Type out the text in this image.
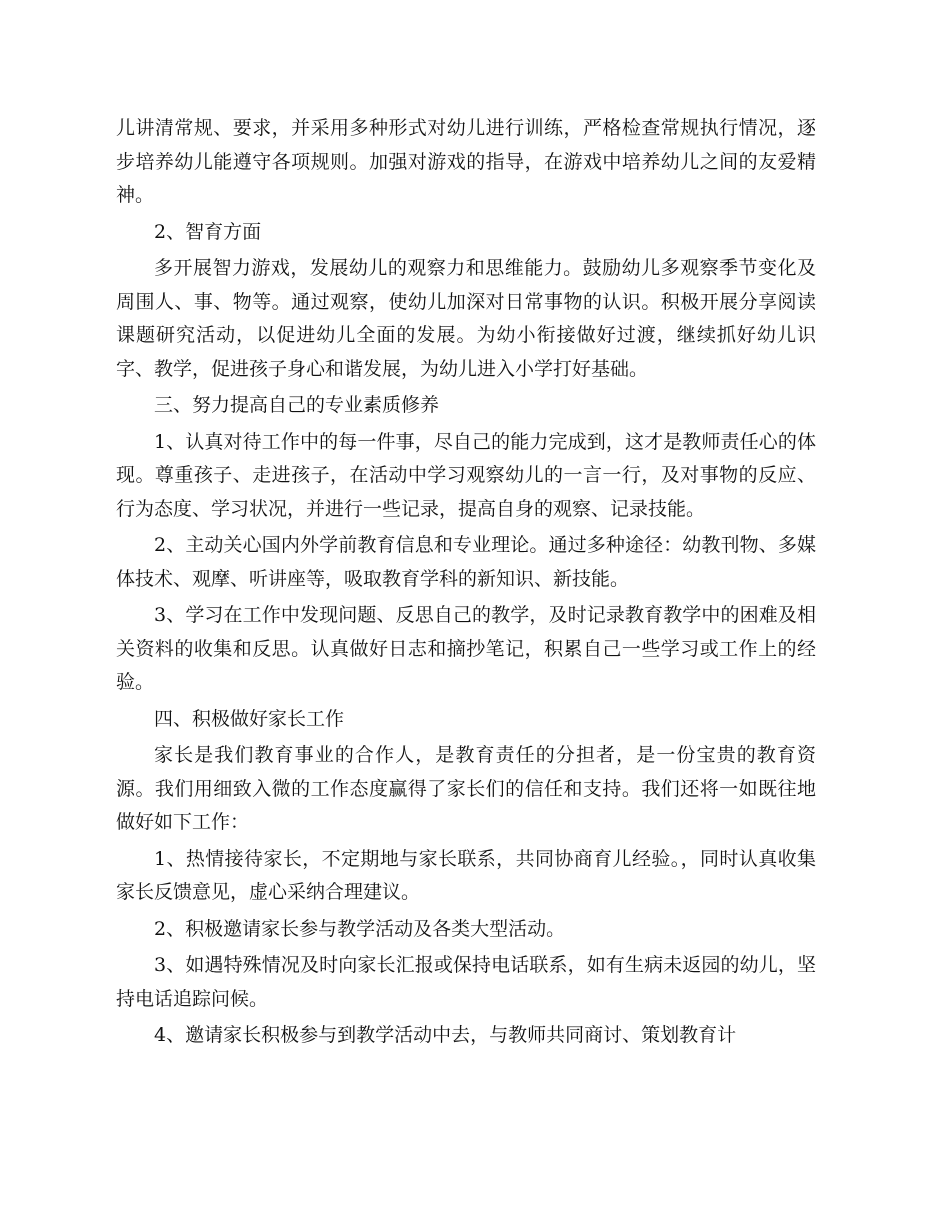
儿讲清常规、要求，并采用多种形式对幼儿进行训练，严格检查常规执行情况，逐步培养幼儿能遵守各项规则。加强对游戏的指导，在游戏中培养幼儿之间的友爱精神。

2、智育方面

多开展智力游戏，发展幼儿的观察力和思维能力。鼓励幼儿多观察季节变化及周围人、事、物等。通过观察，使幼儿加深对日常事物的认识。积极开展分享阅读课题研究活动，以促进幼儿全面的发展。为幼小衔接做好过渡，继续抓好幼儿识字、教学，促进孩子身心和谐发展，为幼儿进入小学打好基础。

三、努力提高自己的专业素质修养

1、认真对待工作中的每一件事，尽自己的能力完成到，这才是教师责任心的体现。尊重孩子、走进孩子，在活动中学习观察幼儿的一言一行，及对事物的反应、行为态度、学习状况，并进行一些记录，提高自身的观察、记录技能。

2、主动关心国内外学前教育信息和专业理论。通过多种途径：幼教刊物、多媒体技术、观摩、听讲座等，吸取教育学科的新知识、新技能。

3、学习在工作中发现问题、反思自己的教学，及时记录教育教学中的困难及相关资料的收集和反思。认真做好日志和摘抄笔记，积累自己一些学习或工作上的经验。

四、积极做好家长工作

家长是我们教育事业的合作人，是教育责任的分担者，是一份宝贵的教育资源。我们用细致入微的工作态度赢得了家长们的信任和支持。我们还将一如既往地做好如下工作：

1、热情接待家长，不定期地与家长联系，共同协商育儿经验。，同时认真收集家长反馈意见，虚心采纳合理建议。

2、积极邀请家长参与教学活动及各类大型活动。

3、如遇特殊情况及时向家长汇报或保持电话联系，如有生病未返园的幼儿，坚持电话追踪问候。

4、邀请家长积极参与到教学活动中去，与教师共同商讨、策划教育计
